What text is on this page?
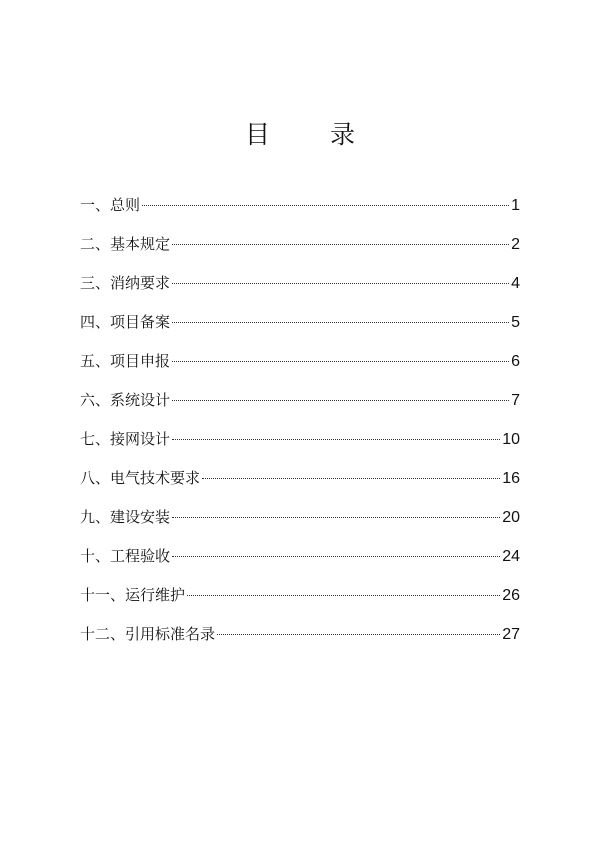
目 录
一、总则	1
二、基本规定	2
三、消纳要求	4
四、项目备案	5
五、项目申报	6
六、系统设计	7
七、接网设计	10
八、电气技术要求	16
九、建设安装	20
十、工程验收	24
十一、运行维护	26
十二、引用标准名录	27
